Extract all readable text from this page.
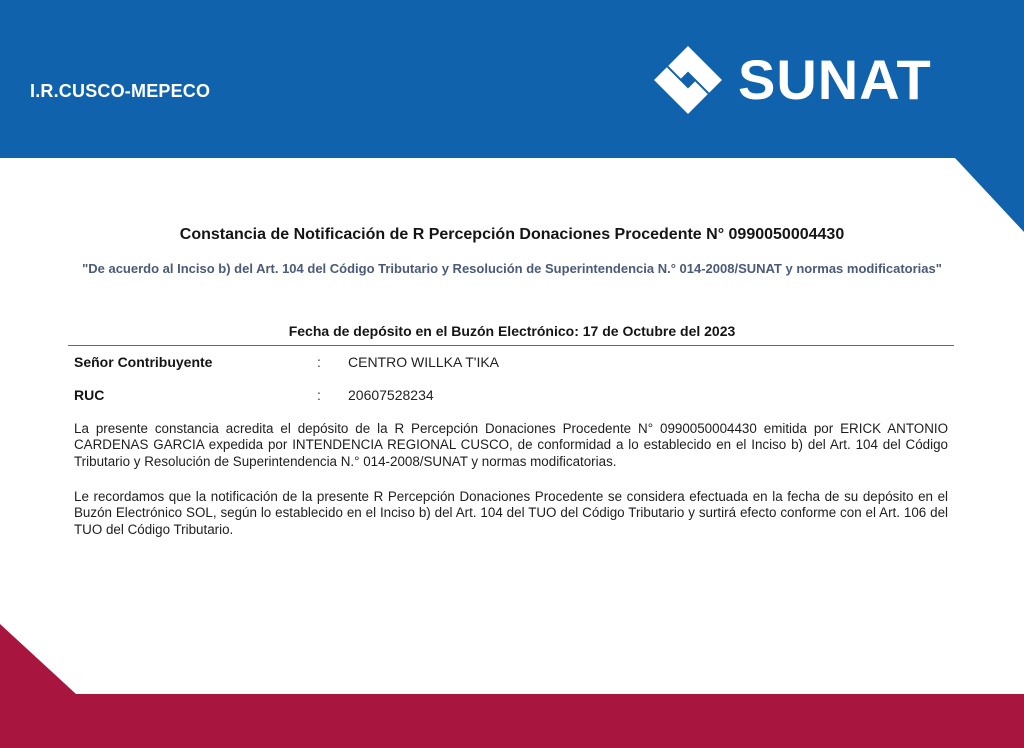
I.R.CUSCO-MEPECO	SUNAT
Constancia de Notificación de R Percepción Donaciones Procedente N° 0990050004430
"De acuerdo al Inciso b) del Art. 104 del Código Tributario y Resolución de Superintendencia N.° 014-2008/SUNAT y normas modificatorias"
Fecha de depósito en el Buzón Electrónico: 17 de Octubre del 2023
Señor Contribuyente	: CENTRO WILLKA T'IKA
RUC	: 20607528234

La presente constancia acredita el depósito de la R Percepción Donaciones Procedente N° 0990050004430 emitida por ERICK ANTONIO CARDENAS GARCIA expedida por INTENDENCIA REGIONAL CUSCO, de conformidad a lo establecido en el Inciso b) del Art. 104 del Código Tributario y Resolución de Superintendencia N.° 014-2008/SUNAT y normas modificatorias.

Le recordamos que la notificación de la presente R Percepción Donaciones Procedente se considera efectuada en la fecha de su depósito en el Buzón Electrónico SOL, según lo establecido en el Inciso b) del Art. 104 del TUO del Código Tributario y surtirá efecto conforme con el Art. 106 del TUO del Código Tributario.
